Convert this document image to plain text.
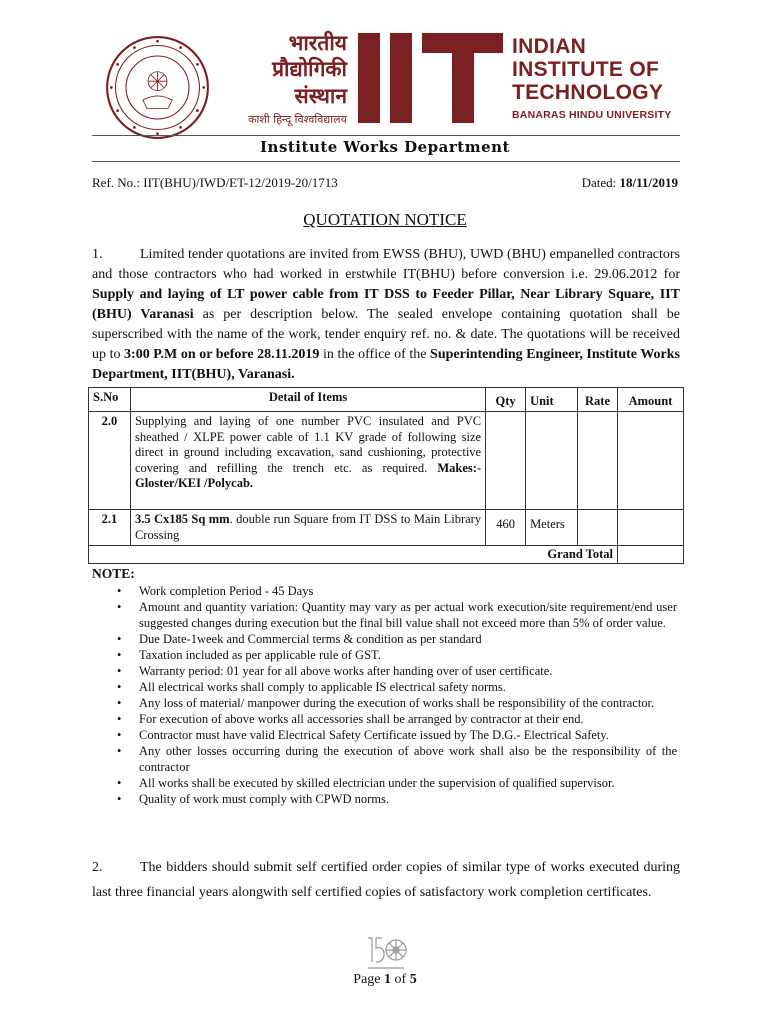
भारतीय
प्रौद्योगिकी
संस्थान
काशी हिन्दू विश्वविद्यालय
INDIAN
INSTITUTE OF
TECHNOLOGY
BANARAS HINDU UNIVERSITY
Institute Works Department
Ref. No.: IIT(BHU)/IWD/ET-12/2019-20/1713	Dated: 18/11/2019
QUOTATION NOTICE
1.	Limited tender quotations are invited from EWSS (BHU), UWD (BHU) empanelled contractors and those contractors who had worked in erstwhile IT(BHU) before conversion i.e. 29.06.2012 for Supply and laying of LT power cable from IT DSS to Feeder Pillar, Near Library Square, IIT (BHU) Varanasi as per description below. The sealed envelope containing quotation shall be superscribed with the name of the work, tender enquiry ref. no. & date. The quotations will be received up to 3:00 P.M on or before 28.11.2019 in the office of the Superintending Engineer, Institute Works Department, IIT(BHU), Varanasi.
S.No	Detail of Items	Qty	Unit	Rate	Amount
2.0	Supplying and laying of one number PVC insulated and PVC sheathed / XLPE power cable of 1.1 KV grade of following size direct in ground including excavation, sand cushioning, protective covering and refilling the trench etc. as required. Makes:- Gloster/KEI /Polycab.				
2.1	3.5 Cx185 Sq mm. double run Square from IT DSS to Main Library Crossing	460	Meters		
Grand Total					
NOTE:
• Work completion Period - 45 Days
• Amount and quantity variation: Quantity may vary as per actual work execution/site requirement/end user suggested changes during execution but the final bill value shall not exceed more than 5% of order value.
• Due Date-1week and Commercial terms & condition as per standard
• Taxation included as per applicable rule of GST.
• Warranty period: 01 year for all above works after handing over of user certificate.
• All electrical works shall comply to applicable IS electrical safety norms.
• Any loss of material/ manpower during the execution of works shall be responsibility of the contractor.
• For execution of above works all accessories shall be arranged by contractor at their end.
• Contractor must have valid Electrical Safety Certificate issued by The D.G.- Electrical Safety.
• Any other losses occurring during the execution of above work shall also be the responsibility of the contractor
• All works shall be executed by skilled electrician under the supervision of qualified supervisor.
• Quality of work must comply with CPWD norms.
2.	The bidders should submit self certified order copies of similar type of works executed during last three financial years alongwith self certified copies of satisfactory work completion certificates.
Page 1 of 5
